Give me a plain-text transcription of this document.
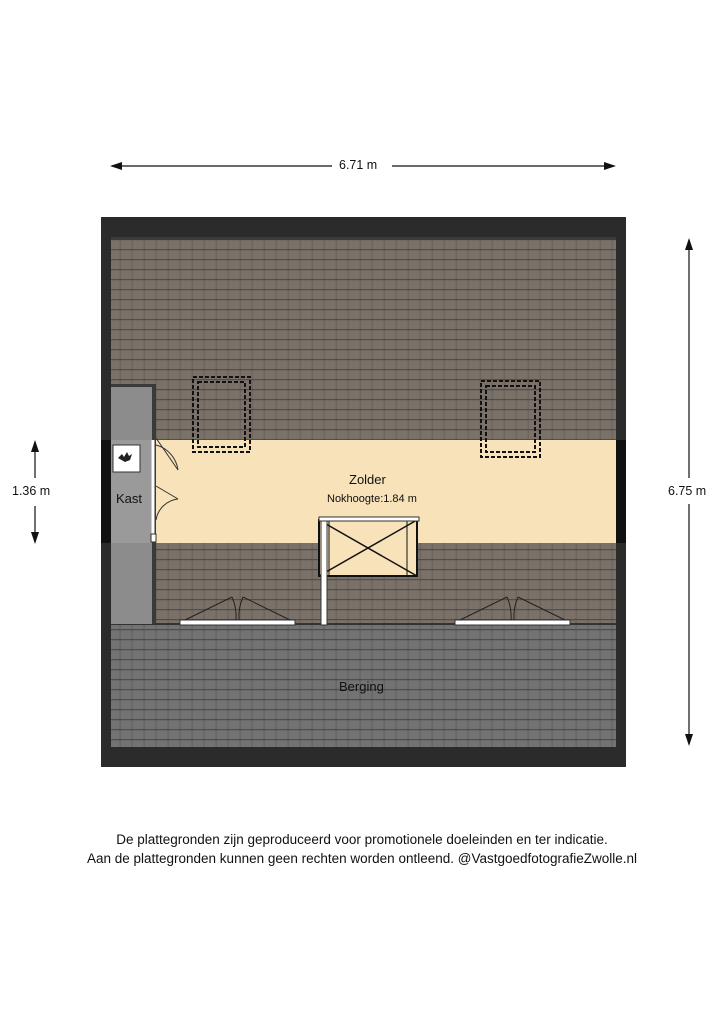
6.71 m
6.75 m
1.36 m
Zolder
Nokhoogte:1.84 m
Kast
Berging
De plattegronden zijn geproduceerd voor promotionele doeleinden en ter indicatie.
Aan de plattegronden kunnen geen rechten worden ontleend. @VastgoedfotografieZwolle.nl
